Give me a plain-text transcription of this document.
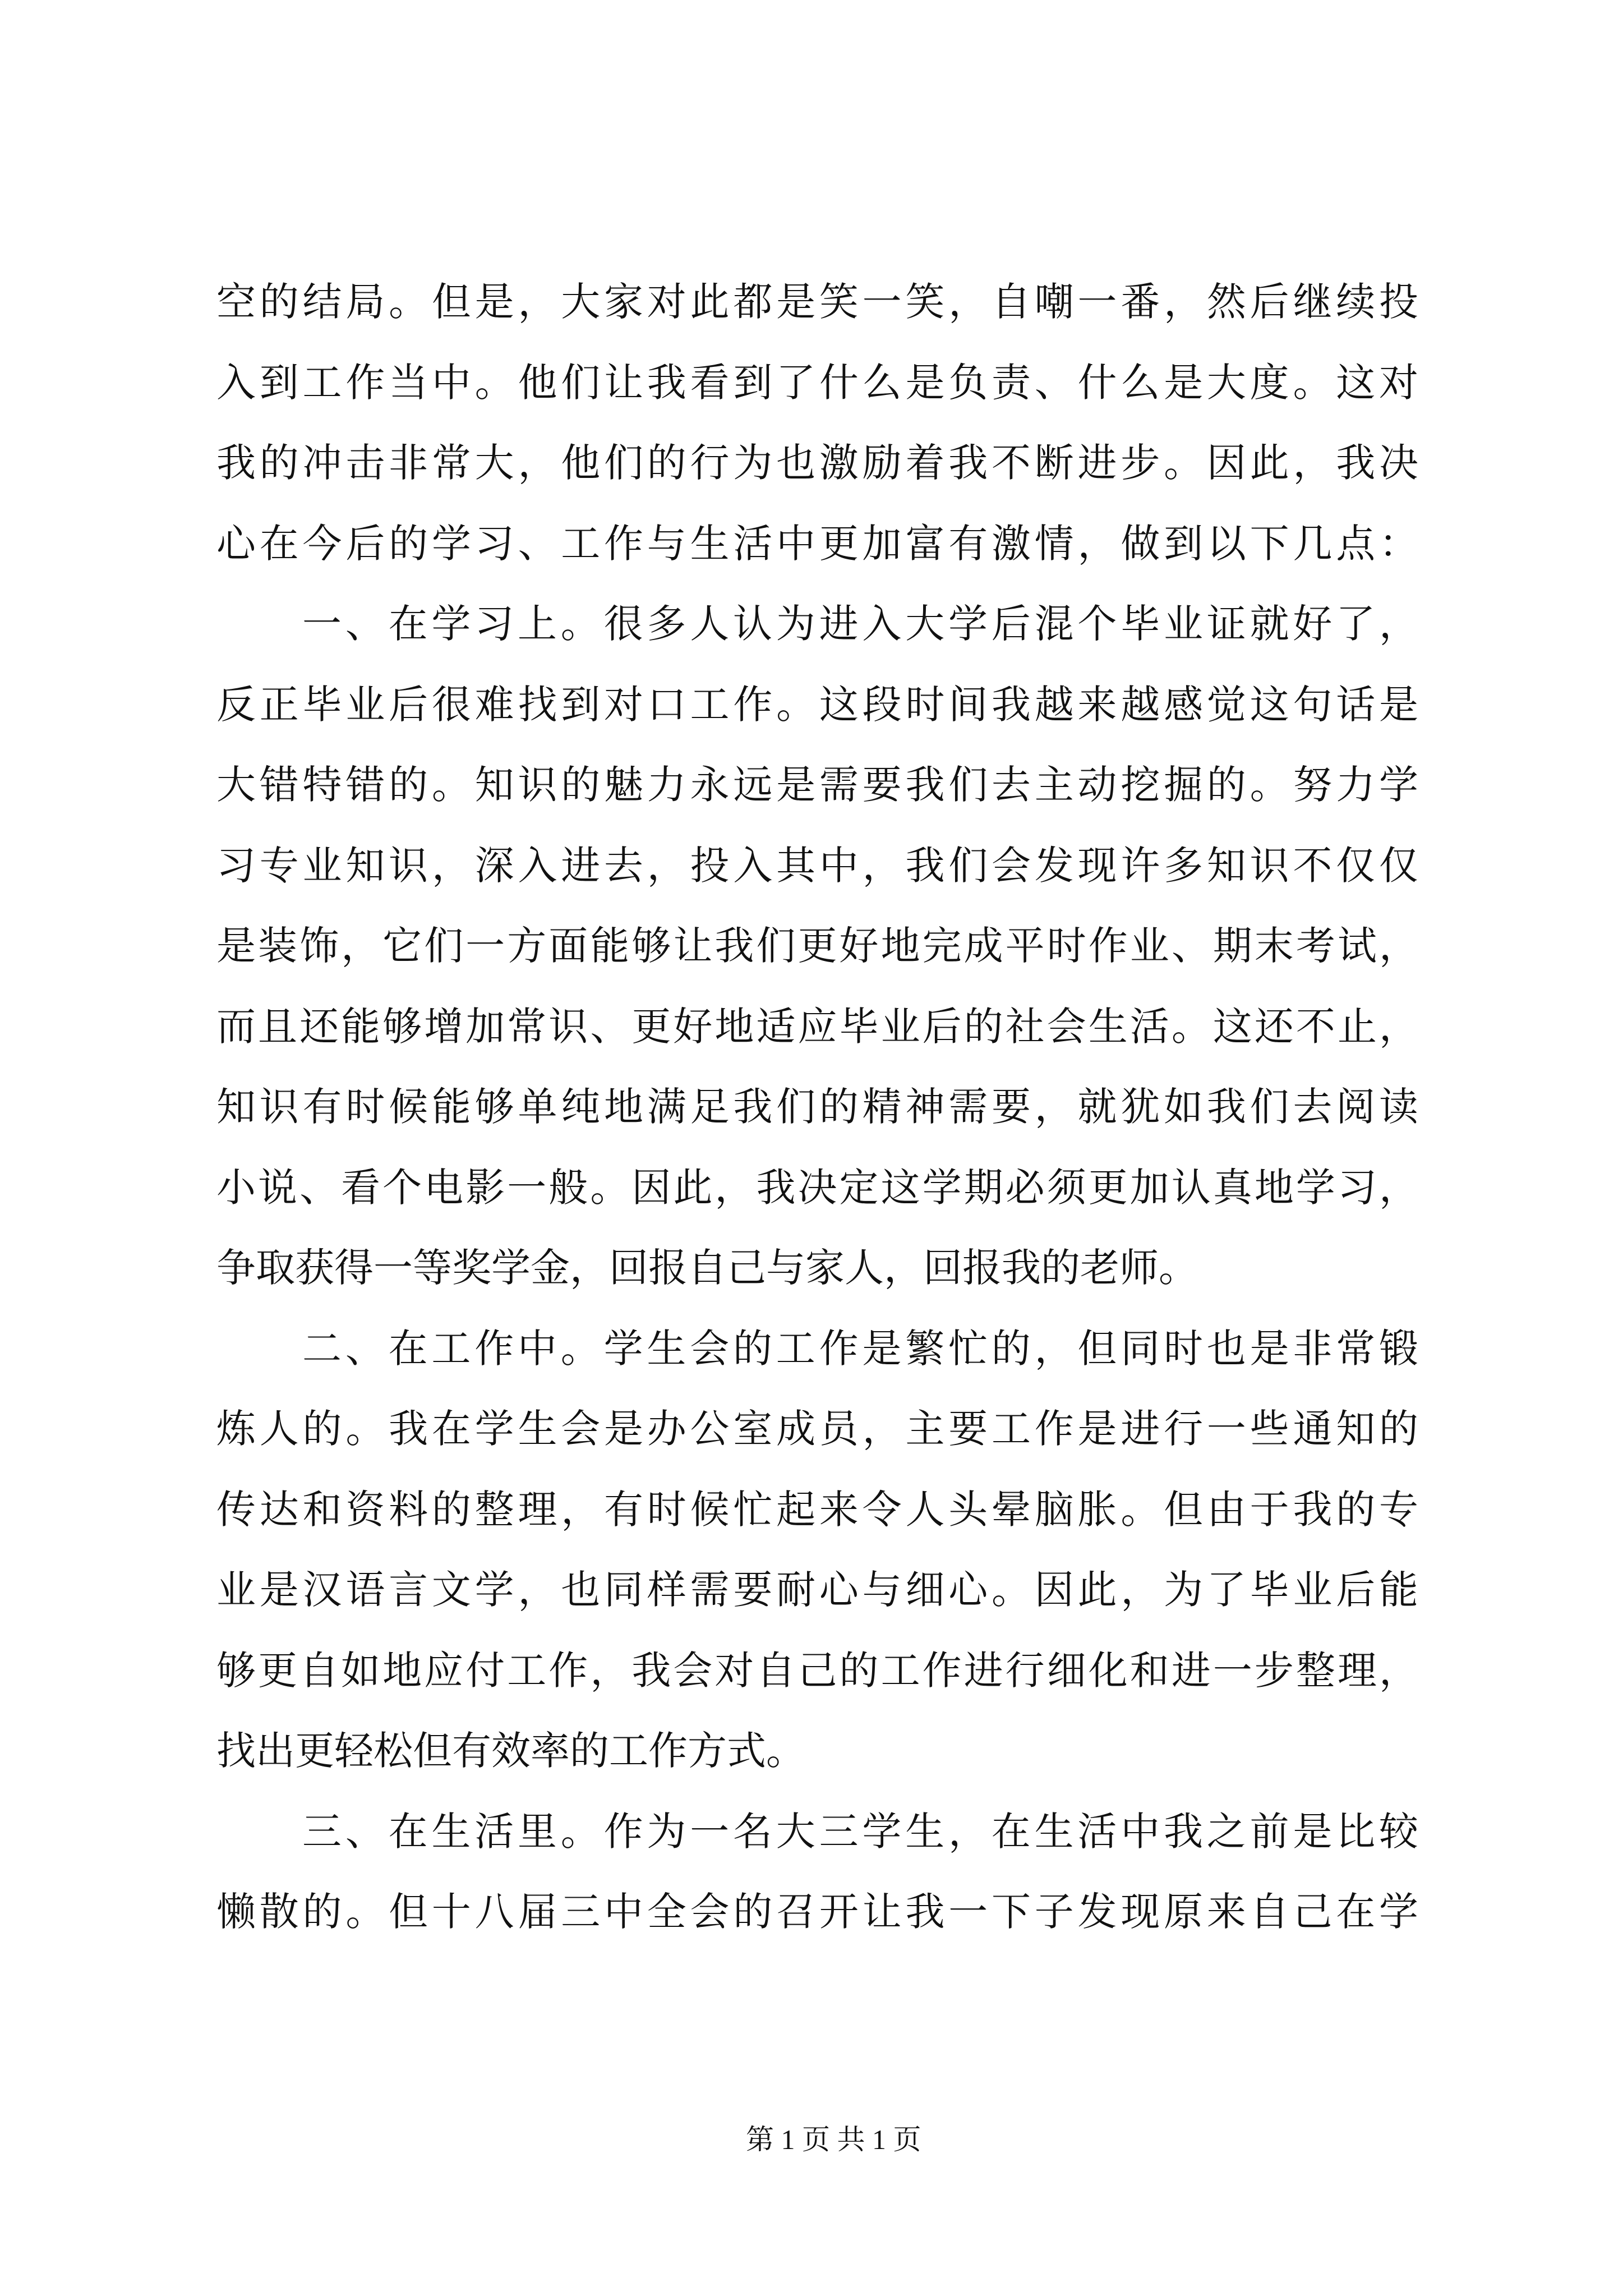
空的结局。但是，大家对此都是笑一笑，自嘲一番，然后继续投
入到工作当中。他们让我看到了什么是负责、什么是大度。这对
我的冲击非常大，他们的行为也激励着我不断进步。因此，我决
心在今后的学习、工作与生活中更加富有激情，做到以下几点：
一、在学习上。很多人认为进入大学后混个毕业证就好了，
反正毕业后很难找到对口工作。这段时间我越来越感觉这句话是
大错特错的。知识的魅力永远是需要我们去主动挖掘的。努力学
习专业知识，深入进去，投入其中，我们会发现许多知识不仅仅
是装饰，它们一方面能够让我们更好地完成平时作业、期末考试，
而且还能够增加常识、更好地适应毕业后的社会生活。这还不止，
知识有时候能够单纯地满足我们的精神需要，就犹如我们去阅读
小说、看个电影一般。因此，我决定这学期必须更加认真地学习，
争取获得一等奖学金，回报自己与家人，回报我的老师。
二、在工作中。学生会的工作是繁忙的，但同时也是非常锻
炼人的。我在学生会是办公室成员，主要工作是进行一些通知的
传达和资料的整理，有时候忙起来令人头晕脑胀。但由于我的专
业是汉语言文学，也同样需要耐心与细心。因此，为了毕业后能
够更自如地应付工作，我会对自己的工作进行细化和进一步整理，
找出更轻松但有效率的工作方式。
三、在生活里。作为一名大三学生，在生活中我之前是比较
懒散的。但十八届三中全会的召开让我一下子发现原来自己在学
第 1 页 共 1 页
